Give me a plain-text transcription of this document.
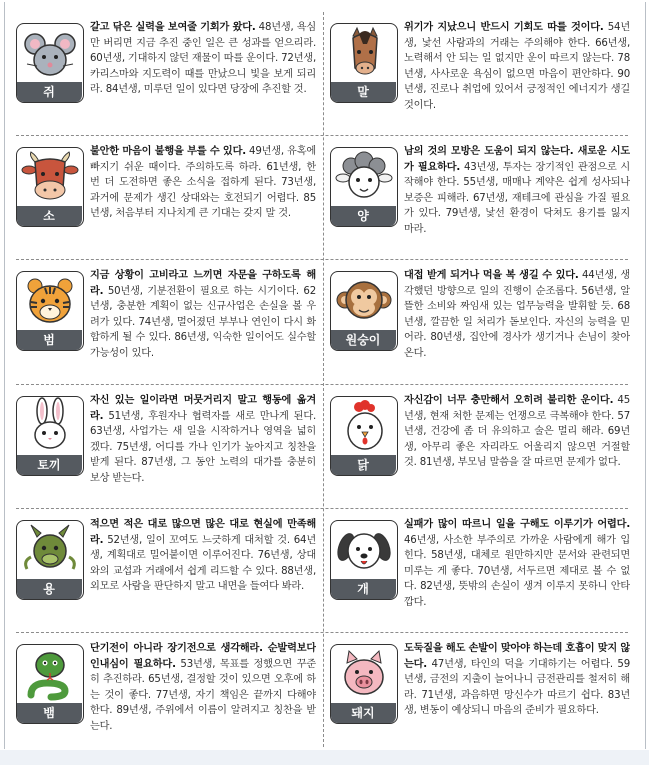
쥐
갈고 닦은 실력을 보여줄 기회가 왔다. 48년생, 욕심만 버리면 지금 추진 중인 일은 큰 성과를 얻으리라. 60년생, 기대하지 않던 재물이 따를 운이다. 72년생, 카리스마와 지도력이 때를 만났으니 빛을 보게 되리라. 84년생, 미루던 일이 있다면 당장에 추진할 것.	말
위기가 지났으니 반드시 기회도 따를 것이다. 54년생, 낯선 사람과의 거래는 주의해야 한다. 66년생, 노력해서 안 되는 일 없지만 운이 따르지 않는다. 78년생, 사사로운 욕심이 없으면 마음이 편안하다. 90년생, 진로나 취업에 있어서 긍정적인 에너지가 생길 것이다.
소
불안한 마음이 불행을 부를 수 있다. 49년생, 유혹에 빠지기 쉬운 때이다. 주의하도록 하라. 61년생, 한 번 더 도전하면 좋은 소식을 접하게 된다. 73년생, 과거에 문제가 생긴 상대와는 호전되기 어렵다. 85년생, 처음부터 지나치게 큰 기대는 갖지 말 것.	양
남의 것의 모방은 도움이 되지 않는다. 새로운 시도가 필요하다. 43년생, 투자는 장기적인 관점으로 시작해야 한다. 55년생, 매매나 계약은 쉽게 성사되나 보증은 피해라. 67년생, 재테크에 관심을 가질 필요가 있다. 79년생, 낯선 환경이 닥쳐도 용기를 잃지 마라.
범
지금 상황이 고비라고 느끼면 자문을 구하도록 해라. 50년생, 기분전환이 필요로 하는 시기이다. 62년생, 충분한 계획이 없는 신규사업은 손실을 볼 우려가 있다. 74년생, 멀어졌던 부부나 연인이 다시 화합하게 될 수 있다. 86년생, 익숙한 일이어도 실수할 가능성이 있다.
원숭이
대접 받게 되거나 먹을 복 생길 수 있다. 44년생, 생각했던 방향으로 일의 진행이 순조롭다. 56년생, 알뜰한 소비와 짜임새 있는 업무능력을 발휘할 듯. 68년생, 깔끔한 일 처리가 돋보인다. 자신의 능력을 믿어라. 80년생, 집안에 경사가 생기거나 손님이 찾아 온다.
토끼
자신 있는 일이라면 머뭇거리지 말고 행동에 옮겨라. 51년생, 후원자나 협력자를 새로 만나게 된다. 63년생, 사업가는 새 일을 시작하거나 영역을 넓히겠다. 75년생, 어디를 가나 인기가 높아지고 칭찬을 받게 된다. 87년생, 그 동안 노력의 대가를 충분히 보상 받는다.
닭
자신감이 너무 충만해서 오히려 불리한 운이다. 45년생, 현재 처한 문제는 언쟁으로 극복해야 한다. 57년생, 건강에 좀 더 유의하고 술은 멀리 해라. 69년생, 아무리 좋은 자리라도 어울리지 않으면 거절할 것. 81년생, 부모님 말씀을 잘 따르면 문제가 없다.
용
적으면 적은 대로 많으면 많은 대로 현실에 만족해라. 52년생, 일이 꼬여도 느긋하게 대처할 것. 64년생, 계획대로 밀어붙이면 이루어진다. 76년생, 상대와의 교섭과 거래에서 쉽게 리드할 수 있다. 88년생, 외모로 사람을 판단하지 말고 내면을 들여다 봐라.	개
실패가 많이 따르니 일을 구해도 이루기가 어렵다. 46년생, 사소한 부주의로 가까운 사람에게 해가 입힌다. 58년생, 대체로 원만하지만 문서와 관련되면 미루는 게 좋다. 70년생, 서두르면 제대로 볼 수 없다. 82년생, 뜻밖의 손실이 생겨 이루지 못하니 안타깝다.
뱀
단기전이 아니라 장기전으로 생각해라. 순발력보다 인내심이 필요하다. 53년생, 목표를 정했으면 꾸준히 추진하라. 65년생, 결정할 것이 있으면 오후에 하는 것이 좋다. 77년생, 자기 책임은 끝까지 다해야 한다. 89년생, 주위에서 이름이 알려지고 칭찬을 받는다.
돼지
도둑질을 해도 손발이 맞아야 하는데 호흡이 맞지 않는다. 47년생, 타인의 덕을 기대하기는 어렵다. 59년생, 금전의 지출이 늘어나니 금전관리를 철저히 해라. 71년생, 과음하면 망신수가 따르기 쉽다. 83년생, 변동이 예상되니 마음의 준비가 필요하다.
